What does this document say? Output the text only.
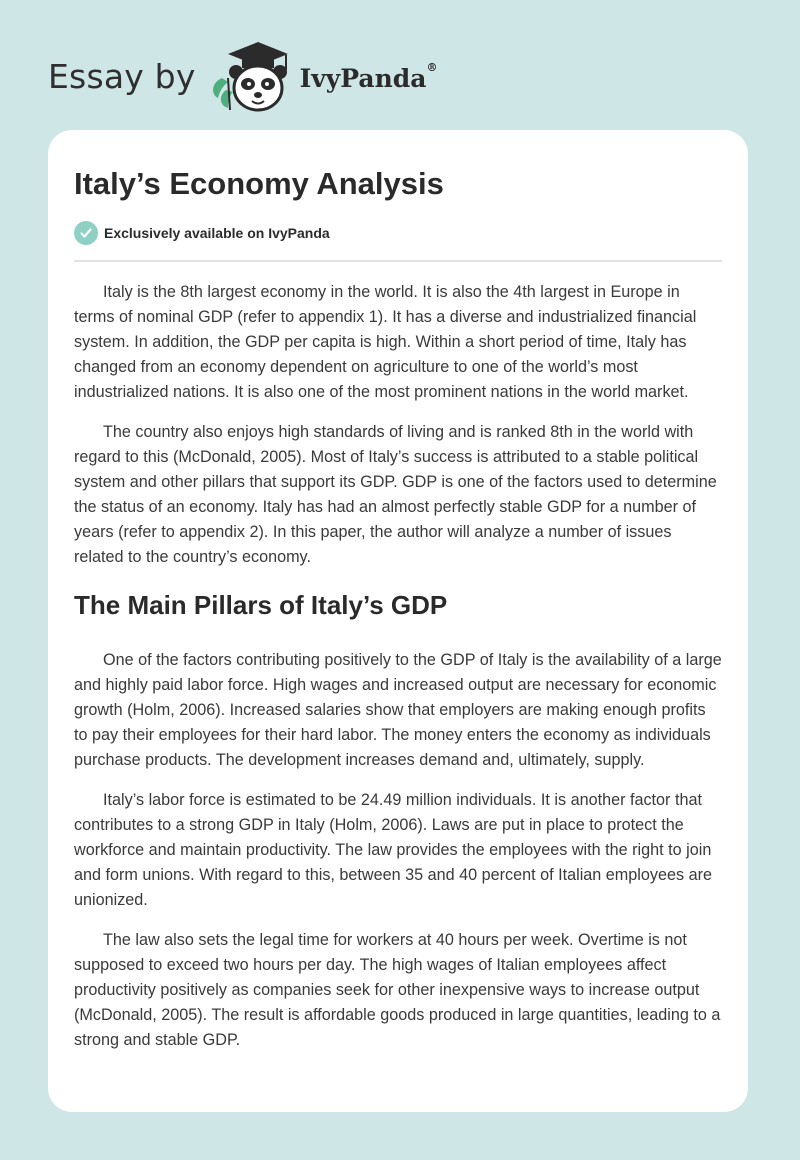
Essay by	IvyPanda®
Italy’s Economy Analysis
Exclusively available on IvyPanda

Italy is the 8th largest economy in the world. It is also the 4th largest in Europe in terms of nominal GDP (refer to appendix 1). It has a diverse and industrialized financial system. In addition, the GDP per capita is high. Within a short period of time, Italy has changed from an economy dependent on agriculture to one of the world’s most industrialized nations. It is also one of the most prominent nations in the world market.

The country also enjoys high standards of living and is ranked 8th in the world with regard to this (McDonald, 2005). Most of Italy’s success is attributed to a stable political system and other pillars that support its GDP. GDP is one of the factors used to determine the status of an economy. Italy has had an almost perfectly stable GDP for a number of years (refer to appendix 2). In this paper, the author will analyze a number of issues related to the country’s economy.

The Main Pillars of Italy’s GDP

One of the factors contributing positively to the GDP of Italy is the availability of a large and highly paid labor force. High wages and increased output are necessary for economic growth (Holm, 2006). Increased salaries show that employers are making enough profits to pay their employees for their hard labor. The money enters the economy as individuals purchase products. The development increases demand and, ultimately, supply.

Italy’s labor force is estimated to be 24.49 million individuals. It is another factor that contributes to a strong GDP in Italy (Holm, 2006). Laws are put in place to protect the workforce and maintain productivity. The law provides the employees with the right to join and form unions. With regard to this, between 35 and 40 percent of Italian employees are unionized.

The law also sets the legal time for workers at 40 hours per week. Overtime is not supposed to exceed two hours per day. The high wages of Italian employees affect productivity positively as companies seek for other inexpensive ways to increase output (McDonald, 2005). The result is affordable goods produced in large quantities, leading to a strong and stable GDP.
